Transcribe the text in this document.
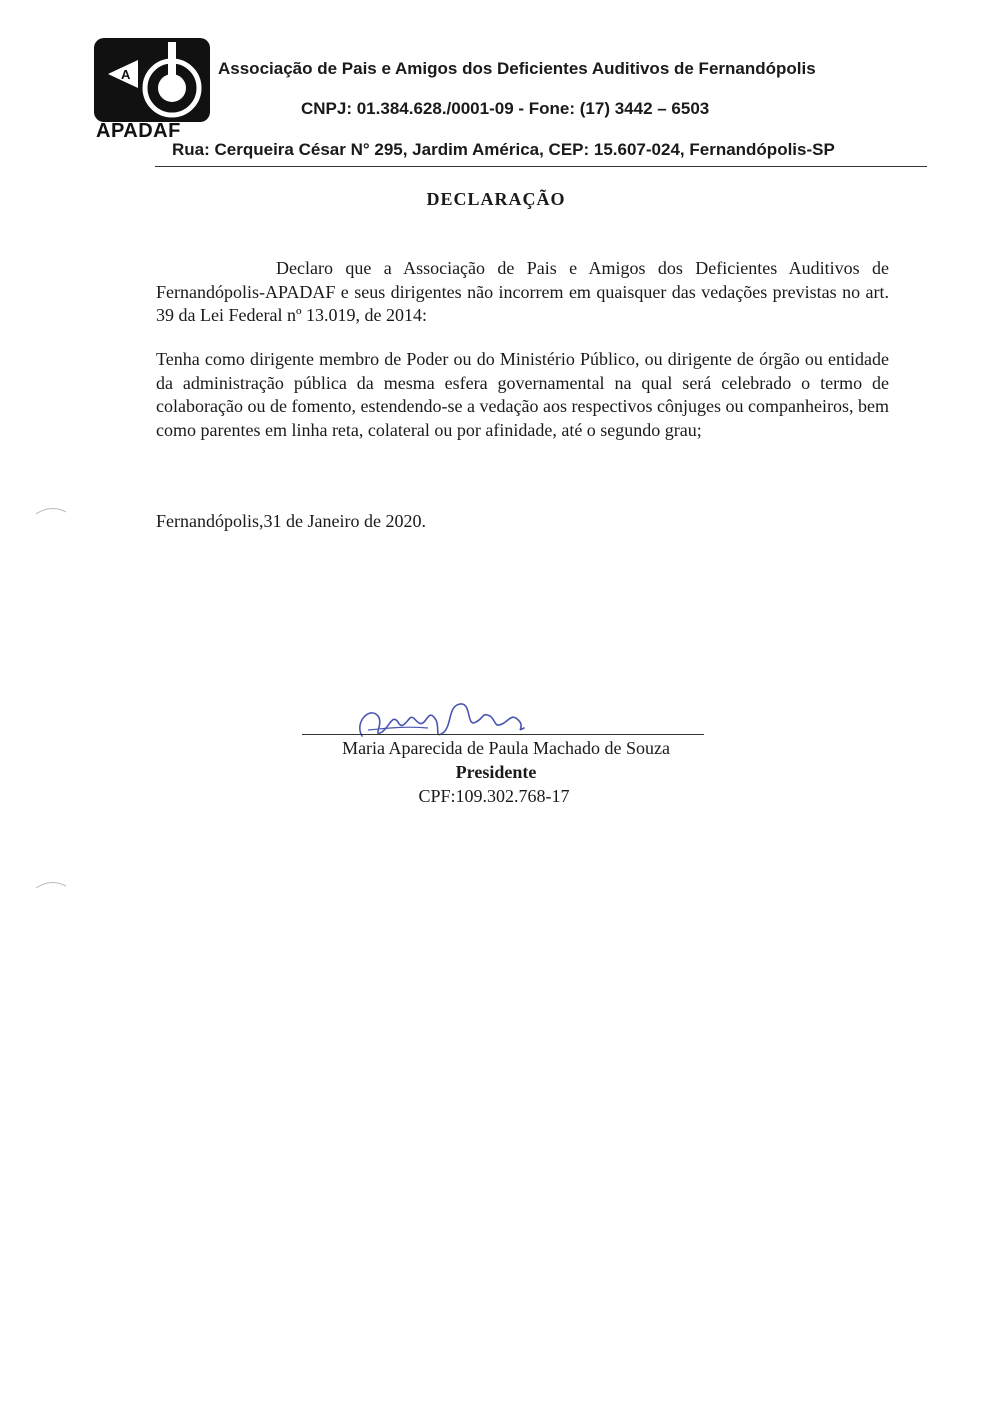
A
APADAF
Associação de Pais e Amigos dos Deficientes Auditivos de Fernandópolis
CNPJ: 01.384.628./0001-09 - Fone: (17) 3442 – 6503
Rua: Cerqueira César N° 295, Jardim América, CEP: 15.607-024, Fernandópolis-SP
DECLARAÇÃO
Declaro que a Associação de Pais e Amigos dos Deficientes Auditivos de Fernandópolis-APADAF e seus dirigentes não incorrem em quaisquer das vedações previstas no art. 39 da Lei Federal nº 13.019, de 2014:
Tenha como dirigente membro de Poder ou do Ministério Público, ou dirigente de órgão ou entidade da administração pública da mesma esfera governamental na qual será celebrado o termo de colaboração ou de fomento, estendendo-se a vedação aos respectivos cônjuges ou companheiros, bem como parentes em linha reta, colateral ou por afinidade, até o segundo grau;
Fernandópolis,31 de Janeiro de 2020.
Maria Aparecida de Paula Machado de Souza
Presidente
CPF:109.302.768-17
